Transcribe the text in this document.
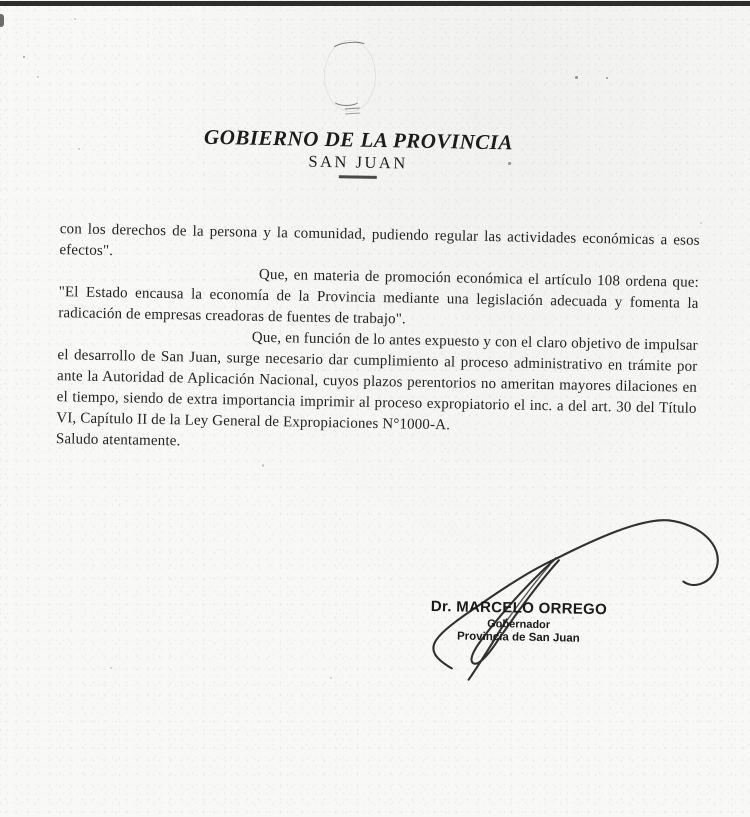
GOBIERNO DE LA PROVINCIA
SAN JUAN

con los derechos de la persona y la comunidad, pudiendo regular las actividades económicas a esos efectos".

Que, en materia de promoción económica el artículo 108 ordena que: "El Estado encausa la economía de la Provincia mediante una legislación adecuada y fomenta la radicación de empresas creadoras de fuentes de trabajo".

Que, en función de lo antes expuesto y con el claro objetivo de impulsar el desarrollo de San Juan, surge necesario dar cumplimiento al proceso administrativo en trámite por ante la Autoridad de Aplicación Nacional, cuyos plazos perentorios no ameritan mayores dilaciones en el tiempo, siendo de extra importancia imprimir al proceso expropiatorio el inc. a del art. 30 del Título VI, Capítulo II de la Ley General de Expropiaciones N°1000-A.

Saludo atentamente.

Dr. MARCELO ORREGO
Gobernador
Provincia de San Juan
